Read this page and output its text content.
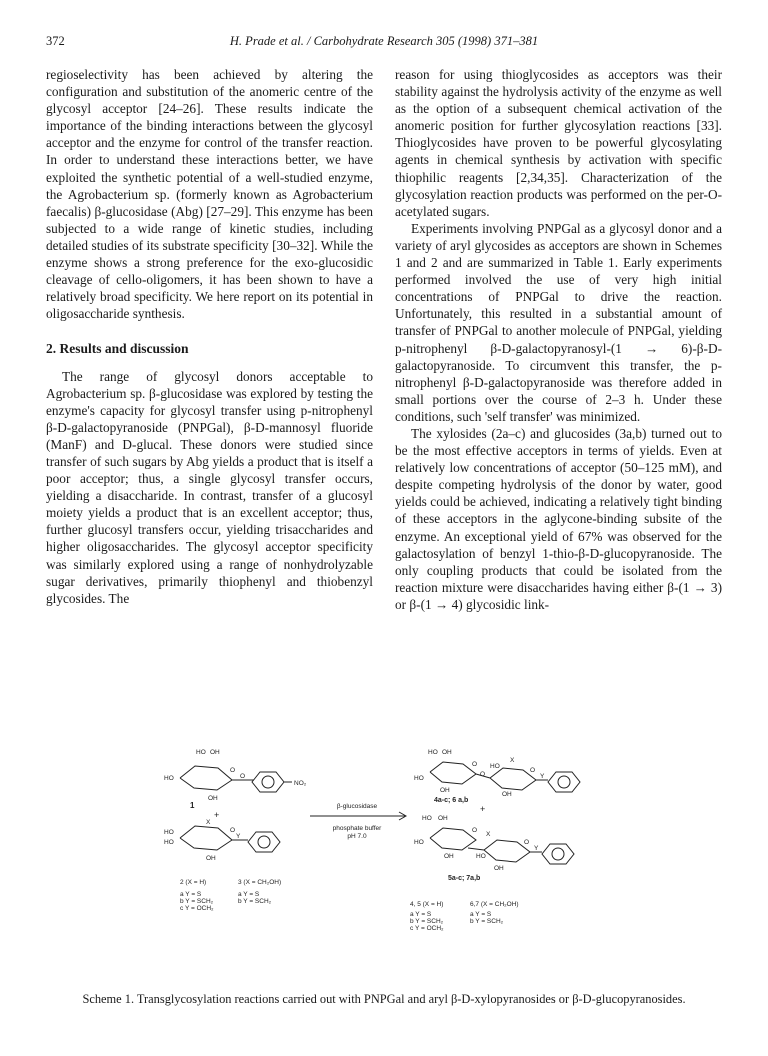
372	H. Prade et al. / Carbohydrate Research 305 (1998) 371–381

regioselectivity has been achieved by altering the configuration and substitution of the anomeric centre of the glycosyl acceptor [24–26]. These results indicate the importance of the binding interactions between the glycosyl acceptor and the enzyme for control of the transfer reaction. In order to understand these interactions better, we have exploited the synthetic potential of a well-studied enzyme, the Agrobacterium sp. (formerly known as Agrobacterium faecalis) β-glucosidase (Abg) [27–29]. This enzyme has been subjected to a wide range of kinetic studies, including detailed studies of its substrate specificity [30–32]. While the enzyme shows a strong preference for the exo-glucosidic cleavage of cello-oligomers, it has been shown to have a relatively broad specificity. We here report on its potential in oligosaccharide synthesis.

2. Results and discussion

The range of glycosyl donors acceptable to Agrobacterium sp. β-glucosidase was explored by testing the enzyme's capacity for glycosyl transfer using p-nitrophenyl β-D-galactopyranoside (PNPGal), β-D-mannosyl fluoride (ManF) and D-glucal. These donors were studied since transfer of such sugars by Abg yields a product that is itself a poor acceptor; thus, a single glycosyl transfer occurs, yielding a disaccharide. In contrast, transfer of a glucosyl moiety yields a product that is an excellent acceptor; thus, further glucosyl transfers occur, yielding trisaccharides and higher oligosaccharides. The glycosyl acceptor specificity was similarly explored using a range of nonhydrolyzable sugar derivatives, primarily thiophenyl and thiobenzyl glycosides. The

reason for using thioglycosides as acceptors was their stability against the hydrolysis activity of the enzyme as well as the option of a subsequent chemical activation of the anomeric position for further glycosylation reactions [33]. Thioglycosides have proven to be powerful glycosylating agents in chemical synthesis by activation with specific thiophilic reagents [2,34,35]. Characterization of the glycosylation reaction products was performed on the per-O-acetylated sugars.

Experiments involving PNPGal as a glycosyl donor and a variety of aryl glycosides as acceptors are shown in Schemes 1 and 2 and are summarized in Table 1. Early experiments performed involved the use of very high initial concentrations of PNPGal to drive the reaction. Unfortunately, this resulted in a substantial amount of transfer of PNPGal to another molecule of PNPGal, yielding p-nitrophenyl β-D-galactopyranosyl-(1 → 6)-β-D-galactopyranoside. To circumvent this transfer, the p-nitrophenyl β-D-galactopyranoside was therefore added in small portions over the course of 2–3 h. Under these conditions, such 'self transfer' was minimized.

The xylosides (2a–c) and glucosides (3a,b) turned out to be the most effective acceptors in terms of yields. Even at relatively low concentrations of acceptor (50–125 mM), and despite competing hydrolysis of the donor by water, good yields could be achieved, indicating a relatively tight binding of these acceptors in the aglycone-binding subsite of the enzyme. An exceptional yield of 67% was observed for the galactosylation of benzyl 1-thio-β-D-glucopyranoside. The only coupling products that could be isolated from the reaction mixture were disaccharides having either β-(1 → 3) or β-(1 → 4) glycosidic link-

HO OH
HO
O
O
NO₂
OH
1
+
HO
HO
X
O
Y
OH
2 (X = H)	3 (X = CH₂OH)
a Y = S
b Y = SCH₂
c Y = OCH₂
a Y = S
b Y = SCH₂
β-glucosidase
phosphate buffer
pH 7.0
HO OH
HO
O
O
HO
X
O
Y
OH
OH
4a-c; 6 a,b
+
HO OH
HO
O
X
HO
O
Y
OH
OH
5a-c; 7a,b
4, 5 (X = H)	6,7 (X = CH₂OH)
a Y = S
b Y = SCH₂
c Y = OCH₂
a Y = S
b Y = SCH₂
Scheme 1. Transglycosylation reactions carried out with PNPGal and aryl β-D-xylopyranosides or β-D-glucopyranosides.
